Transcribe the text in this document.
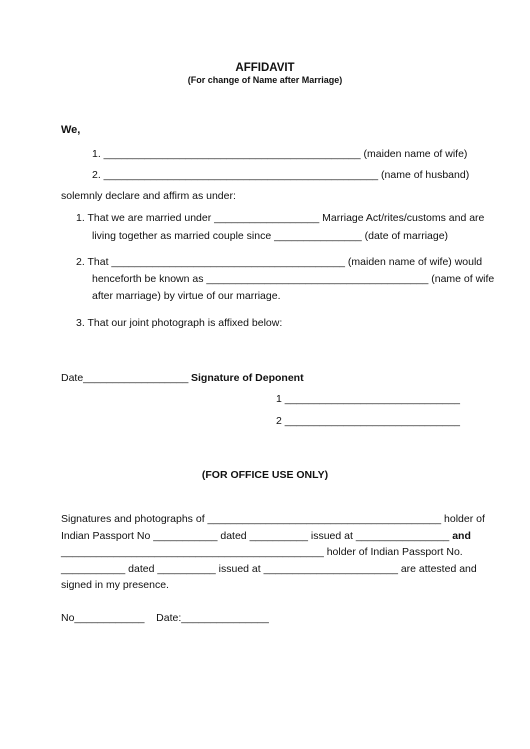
AFFIDAVIT
(For change of Name after Marriage)
We,
1. ____________________________________________ (maiden name of wife)
2. _______________________________________________ (name of husband)
solemnly declare and affirm as under:
1. That we are married under __________________ Marriage Act/rites/customs and are
living together as married couple since _______________ (date of marriage)
2. That ________________________________________ (maiden name of wife) would
henceforth be known as ______________________________________ (name of wife
after marriage) by virtue of our marriage.
3. That our joint photograph is affixed below:
Date__________________ Signature of Deponent
1 ______________________________
2 ______________________________
(FOR OFFICE USE ONLY)
Signatures and photographs of ________________________________________ holder of
Indian Passport No ___________ dated __________ issued at ________________ and
_____________________________________________ holder of Indian Passport No.
___________ dated __________ issued at _______________________ are attested and
signed in my presence.
No____________    Date:_______________
